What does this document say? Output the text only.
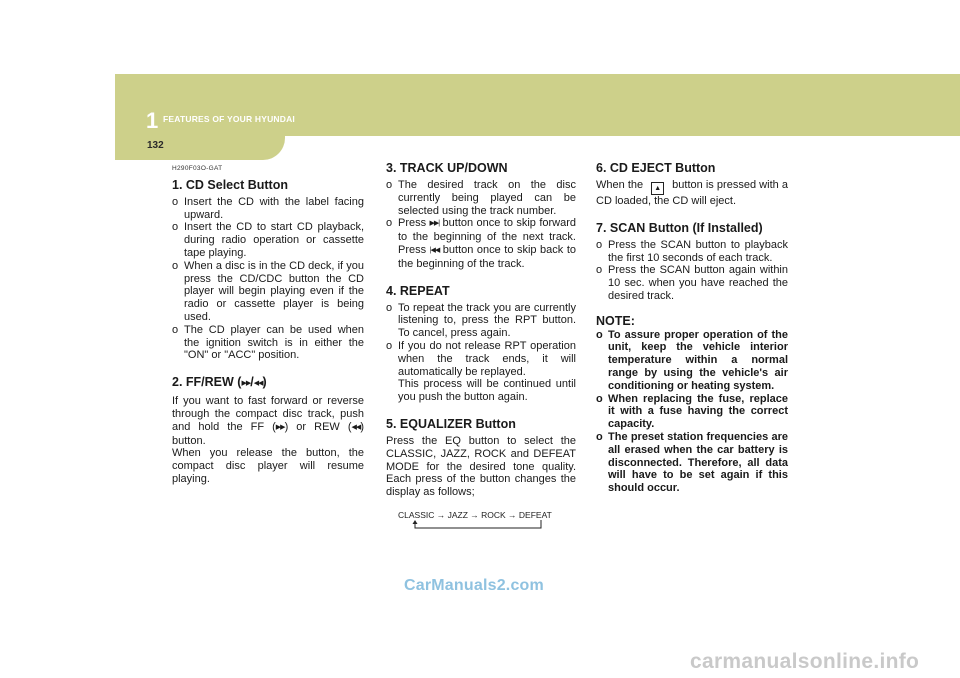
1 FEATURES OF YOUR HYUNDAI
132
H290F03O-GAT
1. CD Select Button
o Insert the CD with the label facing upward.
o Insert the CD to start CD playback, during radio operation or cassette tape playing.
o When a disc is in the CD deck, if you press the CD/CDC button the CD player will begin playing even if the radio or cassette player is being used.
o The CD player can be used when the ignition switch is in either the "ON" or "ACC" position.
2. FF/REW (▶▶/◀◀)

If you want to fast forward or reverse through the compact disc track, push and hold the FF (▶▶) or REW (◀◀) button.

When you release the button, the compact disc player will resume playing.

3. TRACK UP/DOWN
o The desired track on the disc currently being played can be selected using the track number.
o Press ▶▶| button once to skip forward to the beginning of the next track. Press |◀◀ button once to skip back to the beginning of the track.
4. REPEAT
o To repeat the track you are currently listening to, press the RPT button. To cancel, press again.
o If you do not release RPT operation when the track ends, it will automatically be replayed.
This process will be continued until you push the button again.
5. EQUALIZER Button

Press the EQ button to select the CLASSIC, JAZZ, ROCK and DEFEAT MODE for the desired tone quality. Each press of the button changes the display as follows;

CLASSIC → JAZZ → ROCK → DEFEAT
6. CD EJECT Button

When the ▲ button is pressed with a CD loaded, the CD will eject.

7. SCAN Button (If Installed)
o Press the SCAN button to playback the first 10 seconds of each track.
o Press the SCAN button again within 10 sec. when you have reached the desired track.
NOTE:
o To assure proper operation of the unit, keep the vehicle interior temperature within a normal range by using the vehicle's air conditioning or heating system.
o When replacing the fuse, replace it with a fuse having the correct capacity.
o The preset station frequencies are all erased when the car battery is disconnected. Therefore, all data will have to be set again if this should occur.
CarManuals2.com
carmanualsonline.info
